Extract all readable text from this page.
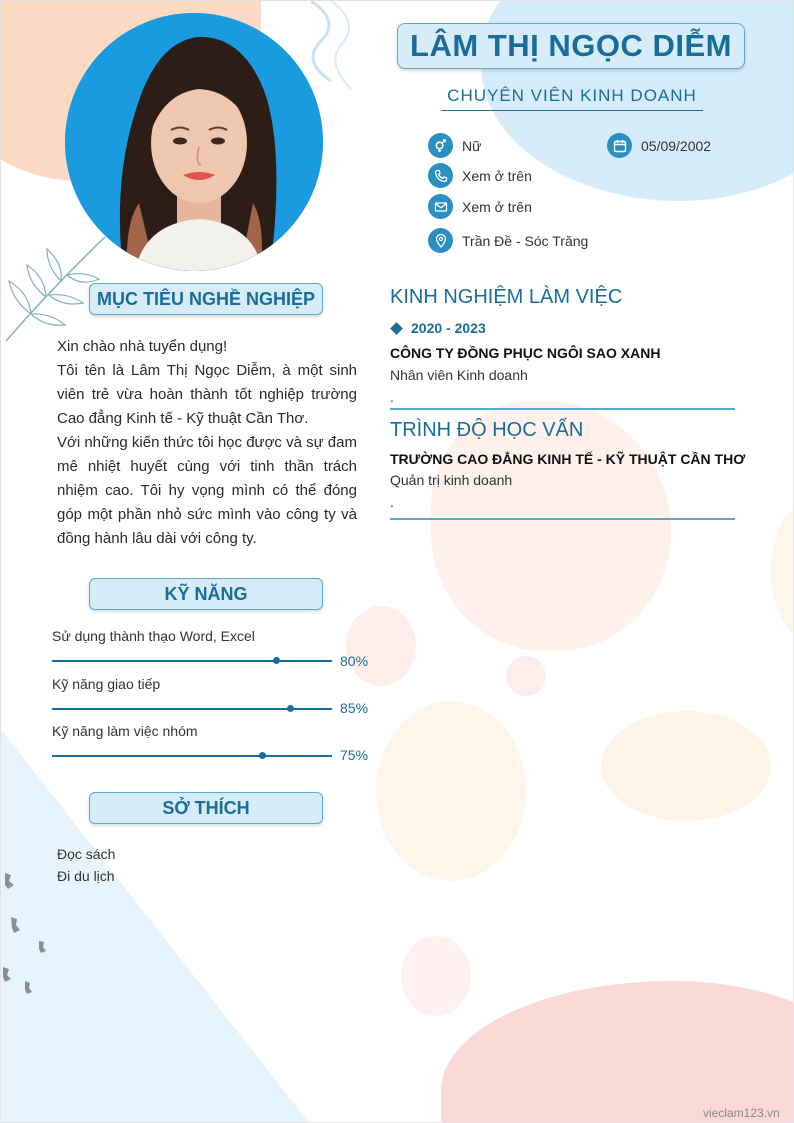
LÂM THỊ NGỌC DIỄM
CHUYÊN VIÊN KINH DOANH
Nữ	05/09/2002
Xem ở trên
Xem ở trên
Trần Đề - Sóc Trăng
MỤC TIÊU NGHỀ NGHIỆP

Xin chào nhà tuyển dụng!

Tôi tên là Lâm Thị Ngọc Diễm, à một sinh viên trẻ vừa hoàn thành tốt nghiệp trường Cao đẳng Kinh tế - Kỹ thuật Cần Thơ.

Với những kiến thức tôi học được và sự đam mê nhiệt huyết cùng với tinh thần trách nhiệm cao. Tôi hy vọng mình có thể đóng góp một phần nhỏ sức mình vào công ty và đồng hành lâu dài với công ty.

KỸ NĂNG
Sử dụng thành thạo Word, Excel
80%
Kỹ năng giao tiếp
85%
Kỹ năng làm việc nhóm
75%
SỞ THÍCH
Đọc sách
Đi du lịch
KINH NGHIỆM LÀM VIỆC
2020 - 2023
CÔNG TY ĐỒNG PHỤC NGÔI SAO XANH
Nhân viên Kinh doanh
.
TRÌNH ĐỘ HỌC VẤN
TRƯỜNG CAO ĐẲNG KINH TẾ - KỸ THUẬT CẦN THƠ
Quản trị kinh doanh
.
vieclam123.vn
